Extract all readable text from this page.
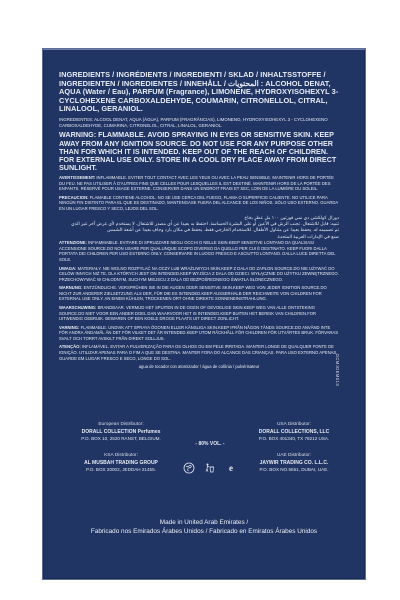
INGREDIENTS / INGRÉDIENTS / INGREDIENTI / SKLAD / INHALTSSTOFFE / INGREDIENTEN / INGREDIENTES / INNEHÅLL / المحتويات : ALCOHOL DENAT, AQUA (Water / Eau), PARFUM (Fragrance), LIMONENE, HYDROXYISOHEXYL 3-CYCLOHEXENE CARBOXALDEHYDE, COUMARIN, CITRONELLOL, CITRAL, LINALOOL, GERANIOL.

INGREDIENTES: ALCOOL DENAT, AQUA (ÁGUA), PARFUM (FRAGRÂNCIAS), LIMONENO, HYDROXYISOHEXYL 3 - CYCLOHEXENO CARBOXALDEHYDE, CUMARINA, CITRONELOL, CITRAL, LINALOL, GERANIOL.

WARNING: FLAMMABLE. AVOID SPRAYING IN EYES OR SENSITIVE SKIN. KEEP AWAY FROM ANY IGNITION SOURCE. DO NOT USE FOR ANY PURPOSE OTHER THAN FOR WHICH IT IS INTENDED. KEEP OUT OF THE REACH OF CHILDREN. FOR EXTERNAL USE ONLY. STORE IN A COOL DRY PLACE AWAY FROM DIRECT SUNLIGHT.

AVERTISSEMENT: INFLAMMABLE. EVITER TOUT CONTACT AVEC LES YEUX OU AVEC LA PEAU SENSIBLE. MAINTENIR HORS DE PORTÉE DU FEU. NE PAS UTILISER À D'AUTRES FINS QUE CELLES POUR LESQUELLES IL EST DESTINÉ. MAINTENIR HORS DE LA PORTÉE DES ENFANTS. RÉSERVÉ POUR USAGE EXTERNE. CONSERVER DANS UN ENDROIT FRAIS ET SEC, LOIN DE LA LUMIÈRE DU SOLEIL.

PRECAUCION: FLAMABLE CONTIENE ALCOHOL. NO SE USE CERCA DEL FUEGO, FLAMA O SUPERFICIE CALIENTE. NO UTILICE PARA NINGÚN FIN DISTINTO PARA EL QUE ES DESTINADO, MANTENGASE FUERA DEL ALCANCE DE LOS NIÑOS. SÓLO USO EXTERNO. GUARDA EN UN LUGAR FRESCO Y SECO, LEJOS DEL SOL.

دورال كولكشن دي سي فورتين ١٠٠ مل عطر بخاخ
تنبيه: قابل للاشتعال. تجنب الرش في الأعين أو على البشرة الحساسة. احتفظ به بعيدا عن أي مصدر للاشتعال. لا يستخدم لأي غرض آخر غير الذي
تم تصميمه له. يحفظ بعيدا عن متناول الأطفال. للاستخدام الخارجي فقط. يحفظ في مكان بارد وجاف بعيدا عن أشعة الشمس
صنع في الإمارات العربية المتحدة

ATTENZIONE: INFIAMMABILE. EVITARE DI SPRUZZARE NEGLI OCCHI O NELLE SKIN.KEEP SENSITIVE LONTANO DA QUALSIASI ACCENSIONE SOURCE.DO NON USARE PER QUALUNQUE SCOPO DIVERSO DA QUELLO PER CUI È DESTINATO. KEEP FUORI DALLA PORTATA DEI CHILDREN PER USO ESTERNO ONLY. CONSERVARE IN LUOGO FRESCO E ASCIUTTO LONTANO. DALLA LUCE DIRETTA DEL SOLE.

UWAGA: MATERIAŁY. NIE WOLNO ROZPYLAĆ NA OCZY LUB WRAŻLIWYCH SKIN.KEEP Z DALA OD ZAPŁON SOURCE.DO NIE UŻYWAĆ DO CELÓW INNYCH NIŻ TE, DLA KTÓRYCH JEST ON INTENDED.KEEP WYJŚCIA Z DALA OD DZIECI. WYŁĄCZNIE DO UŻYTKU ZEWNĘTRZNEGO. PRZECHOWYWAĆ W CHŁODNYM, SUCHYM MIEJSCU Z DALA OD BEZPOŚREDNIEGO ŚWIATŁA SŁONECZNEGO.

WARNUNG: ENTZÜNDLICHE. VERSPRÜHEN SIE IN DIE AUGEN ODER SENSITIVE SKIN.KEEP WEG VON JEDER IGNITION SOURCE.DO NICHT ZUR ANDERER ZIELSETZUNG ALS DER, FÜR DIE ES INTENDED.KEEP AUSSERHALB DER REICHWEITE VON CHILDREN FOR EXTERNAL USE ONLY. AN EINEM KÜHLEN, TROCKENEN ORT OHNE DIREKTE SONNENEINSTRAHLUNG.

WAARSCHUWING: BRANDBAAR. VERMIJD HET SPUITEN IN DE OGEN OF GEVOELIGE SKIN.KEEP WEG VAN ALLE ONTSTEKING SOURCE.DO NIET VOOR EEN ANDER DOEL DAN WAARVOOR HET IS INTENDED.KEEP BUITEN HET BEREIK VAN CHILDREN.FOR UITWENDIG GEBRUIK. BEWAREN OP EEN KOELE DROGE PLAATS UIT DIRECT ZONLICHT.

VARNING: FLAMMABLE. UNDVIK ATT SPRAYA ÖGONEN ELLER KÄNSLIGA SKIN.KEEP IFRÅN NÅGON TÄNDS SOURCE.DO ANVÄND INTE FÖR ANDRA ÄNDAMÅL ÄN DET FÖR VILKET DET ÄR INTENDED.KEEP UTOM RÄCKHÅLL FÖR CHILDREN FÖR UTVÄRTES BRUK. FÖRVARAS SVALT OCH TORRT AVSKILT FRÅN DIREKT SOLLJUS.

ATENÇÃO: INFLAMÁVEL. EVITAR A PULVERIZAÇÃO PARA OS OLHOS OU EM PELE IRRITADA. MANTER LONGE DE QUALQUER FONTE DE IGNIÇÃO. UTILIZAR APENAS PARA O FIM A QUE SE DESTINA. MANTER FORA DO ALCANCE DAS CRIANÇAS. PARA USO EXTERNO APENAS. GUARDE EM LUGAR FRESCO E SECO, LONGE DO SOL.

agua de tocador con atomizador / água de colônia / pulvérisateur	DCMJDEM01S
European Distributor:
DORALL COLLECTION Perfumes
P.O. BOX 10, 2520 RANST, BELGIUM.
KSA Distributor:
AL MUSBAH TRADING GROUP
P.O. BOX 20002, JEDDAH 21455.
- 80% VOL. -
e
USA Distributor:
DORALL COLLECTIONS, LLC
P.O. BOX 401340, TX 78212 USA.
UAE Distributor:
JAYWIR TRADING CO. L.L.C.
P.O. BOX NO.5551, DUBAI, UAE.
Made in United Arab Emirates /
Fabricado nos Emirados Árabes Unidos / Fabricado en Emiratos Árabes Unidos
